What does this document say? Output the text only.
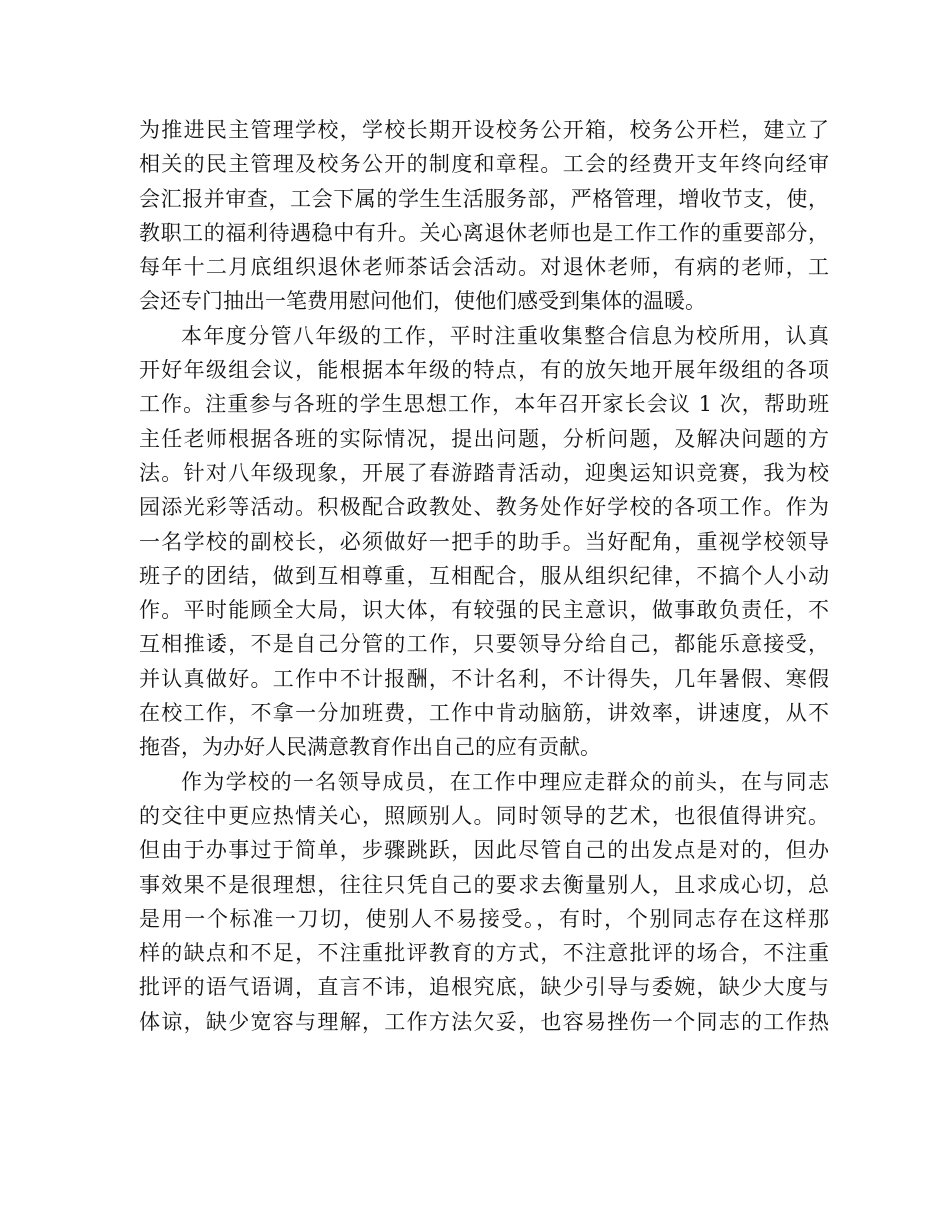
为推进民主管理学校，学校长期开设校务公开箱，校务公开栏，建立了
相关的民主管理及校务公开的制度和章程。工会的经费开支年终向经审
会汇报并审查，工会下属的学生生活服务部，严格管理，增收节支，使，
教职工的福利待遇稳中有升。关心离退休老师也是工作工作的重要部分，
每年十二月底组织退休老师茶话会活动。对退休老师，有病的老师，工
会还专门抽出一笔费用慰问他们，使他们感受到集体的温暖。
本年度分管八年级的工作，平时注重收集整合信息为校所用，认真
开好年级组会议，能根据本年级的特点，有的放矢地开展年级组的各项
工作。注重参与各班的学生思想工作，本年召开家长会议 1 次，帮助班
主任老师根据各班的实际情况，提出问题，分析问题，及解决问题的方
法。针对八年级现象，开展了春游踏青活动，迎奥运知识竞赛，我为校
园添光彩等活动。积极配合政教处、教务处作好学校的各项工作。作为
一名学校的副校长，必须做好一把手的助手。当好配角，重视学校领导
班子的团结，做到互相尊重，互相配合，服从组织纪律，不搞个人小动
作。平时能顾全大局，识大体，有较强的民主意识，做事敢负责任，不
互相推诿，不是自己分管的工作，只要领导分给自己，都能乐意接受，
并认真做好。工作中不计报酬，不计名利，不计得失，几年暑假、寒假
在校工作，不拿一分加班费，工作中肯动脑筋，讲效率，讲速度，从不
拖沓，为办好人民满意教育作出自己的应有贡献。
作为学校的一名领导成员，在工作中理应走群众的前头，在与同志
的交往中更应热情关心，照顾别人。同时领导的艺术，也很值得讲究。
但由于办事过于简单，步骤跳跃，因此尽管自己的出发点是对的，但办
事效果不是很理想，往往只凭自己的要求去衡量别人，且求成心切，总
是用一个标准一刀切，使别人不易接受。，有时，个别同志存在这样那
样的缺点和不足，不注重批评教育的方式，不注意批评的场合，不注重
批评的语气语调，直言不讳，追根究底，缺少引导与委婉，缺少大度与
体谅，缺少宽容与理解，工作方法欠妥，也容易挫伤一个同志的工作热
